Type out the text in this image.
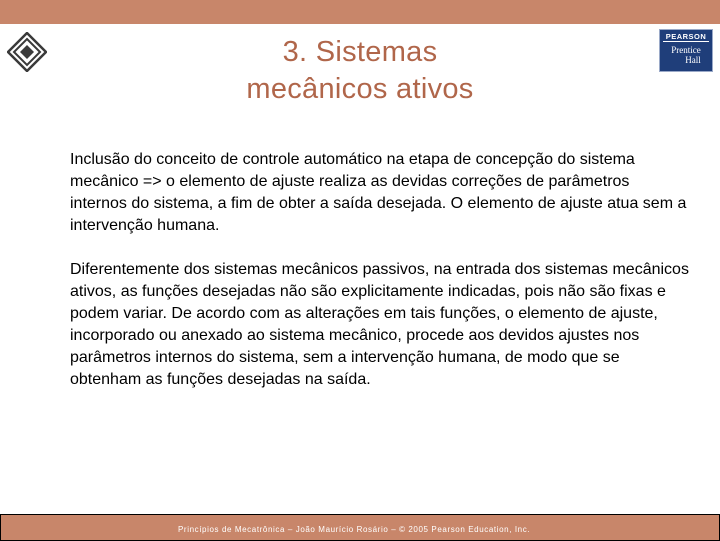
3. Sistemas
mecânicos ativos
PEARSON
Prentice
Hall

Inclusão do conceito de controle automático na etapa de concepção do sistema mecânico => o elemento de ajuste realiza as devidas correções de parâmetros internos do sistema, a fim de obter a saída desejada. O elemento de ajuste atua sem a intervenção humana.

Diferentemente dos sistemas mecânicos passivos, na entrada dos sistemas mecânicos ativos, as funções desejadas não são explicitamente indicadas, pois não são fixas e podem variar. De acordo com as alterações em tais funções, o elemento de ajuste, incorporado ou anexado ao sistema mecânico, procede aos devidos ajustes nos parâmetros internos do sistema, sem a intervenção humana, de modo que se obtenham as funções desejadas na saída.

Princípios de Mecatrônica – João Maurício Rosário – © 2005 Pearson Education, Inc.
